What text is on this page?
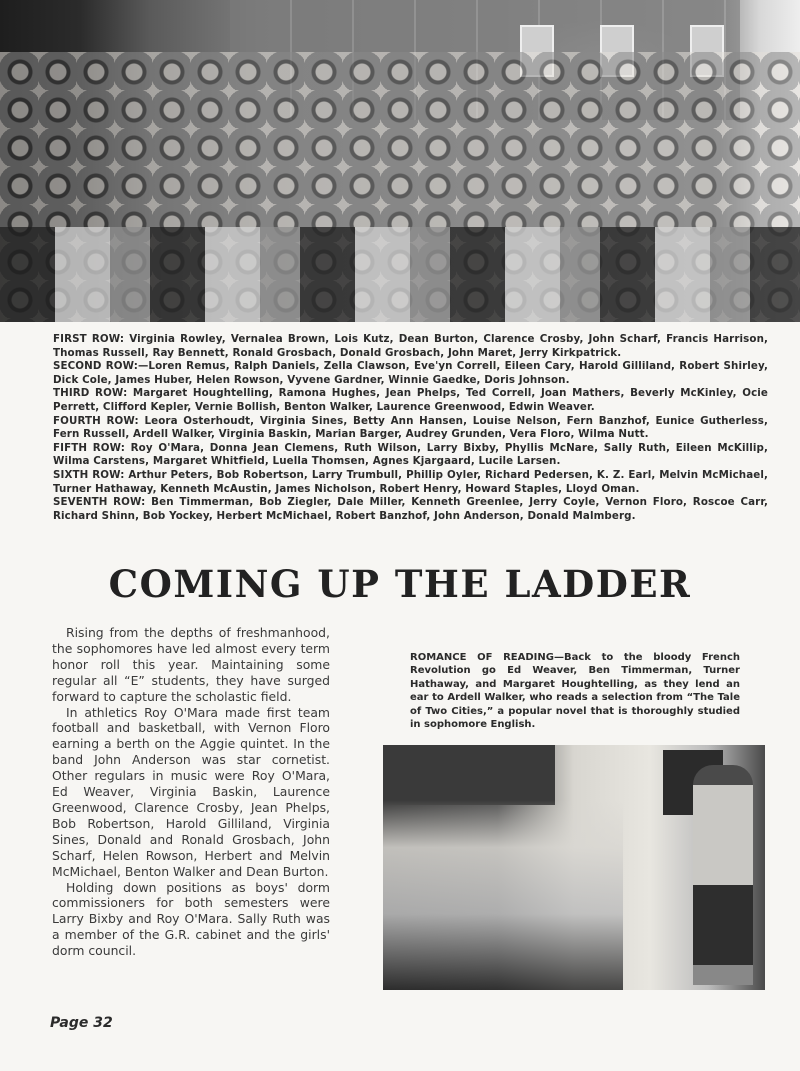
FIRST ROW: Virginia Rowley, Vernalea Brown, Lois Kutz, Dean Burton, Clarence Crosby, John Scharf, Francis Harrison, Thomas Russell, Ray Bennett, Ronald Grosbach, Donald Grosbach, John Maret, Jerry Kirkpatrick.
SECOND ROW:—Loren Remus, Ralph Daniels, Zella Clawson, Eve'yn Correll, Eileen Cary, Harold Gilliland, Robert Shirley, Dick Cole, James Huber, Helen Rowson, Vyvene Gardner, Winnie Gaedke, Doris Johnson.
THIRD ROW: Margaret Houghtelling, Ramona Hughes, Jean Phelps, Ted Correll, Joan Mathers, Beverly McKinley, Ocie Perrett, Clifford Kepler, Vernie Bollish, Benton Walker, Laurence Greenwood, Edwin Weaver.
FOURTH ROW: Leora Osterhoudt, Virginia Sines, Betty Ann Hansen, Louise Nelson, Fern Banzhof, Eunice Gutherless, Fern Russell, Ardell Walker, Virginia Baskin, Marian Barger, Audrey Grunden, Vera Floro, Wilma Nutt.
FIFTH ROW: Roy O'Mara, Donna Jean Clemens, Ruth Wilson, Larry Bixby, Phyllis McNare, Sally Ruth, Eileen McKillip, Wilma Carstens, Margaret Whitfield, Luella Thomsen, Agnes Kjargaard, Lucile Larsen.
SIXTH ROW: Arthur Peters, Bob Robertson, Larry Trumbull, Phillip Oyler, Richard Pedersen, K. Z. Earl, Melvin McMichael, Turner Hathaway, Kenneth McAustin, James Nicholson, Robert Henry, Howard Staples, Lloyd Oman.
SEVENTH ROW: Ben Timmerman, Bob Ziegler, Dale Miller, Kenneth Greenlee, Jerry Coyle, Vernon Floro, Roscoe Carr, Richard Shinn, Bob Yockey, Herbert McMichael, Robert Banzhof, John Anderson, Donald Malmberg.
COMING UP THE LADDER

Rising from the depths of freshmanhood, the sophomores have led almost every term honor roll this year. Maintaining some regular all “E” students, they have surged forward to capture the scholastic field.

In athletics Roy O'Mara made first team football and basketball, with Vernon Floro earning a berth on the Aggie quintet. In the band John Anderson was star cornetist. Other regulars in music were Roy O'Mara, Ed Weaver, Virginia Baskin, Laurence Greenwood, Clarence Crosby, Jean Phelps, Bob Robertson, Harold Gilliland, Virginia Sines, Donald and Ronald Grosbach, John Scharf, Helen Rowson, Herbert and Melvin McMichael, Benton Walker and Dean Burton.

Holding down positions as boys' dorm commissioners for both semesters were Larry Bixby and Roy O'Mara. Sally Ruth was a member of the G.R. cabinet and the girls' dorm council.

ROMANCE OF READING—Back to the bloody French Revolution go Ed Weaver, Ben Timmerman, Turner Hathaway, and Margaret Houghtelling, as they lend an ear to Ardell Walker, who reads a selection from “The Tale of Two Cities,” a popular novel that is thoroughly studied in sophomore English.
Page 32
